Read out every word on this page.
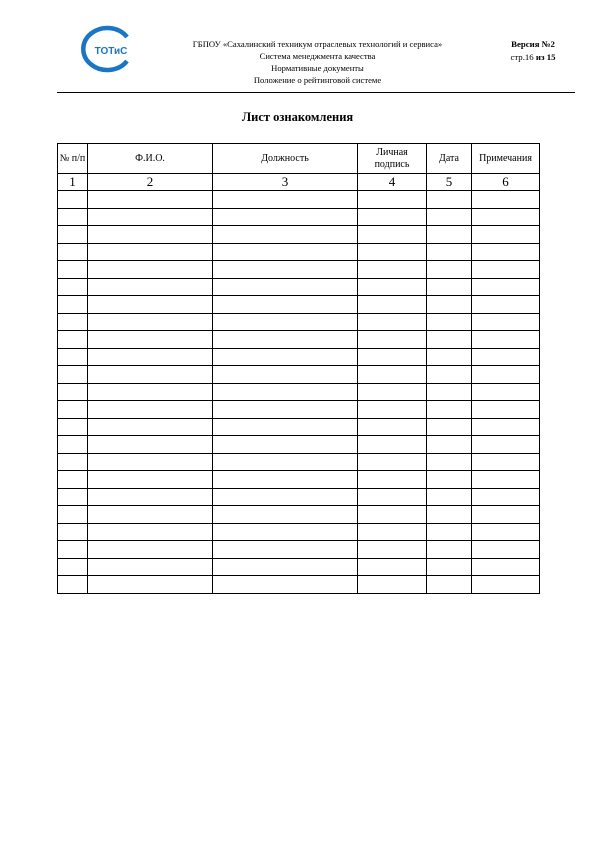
ТОТиС
ГБПОУ «Сахалинский техникум отраслевых технологий и сервиса»
Система менеджмента качества
Нормативные документы
Положение о рейтинговой системе
Версия №2
стр.16 из 15
Лист ознакомления
№ п/п	Ф.И.О.	Должность	Личная подпись	Дата	Примечания
1	2	3	4	5	6
